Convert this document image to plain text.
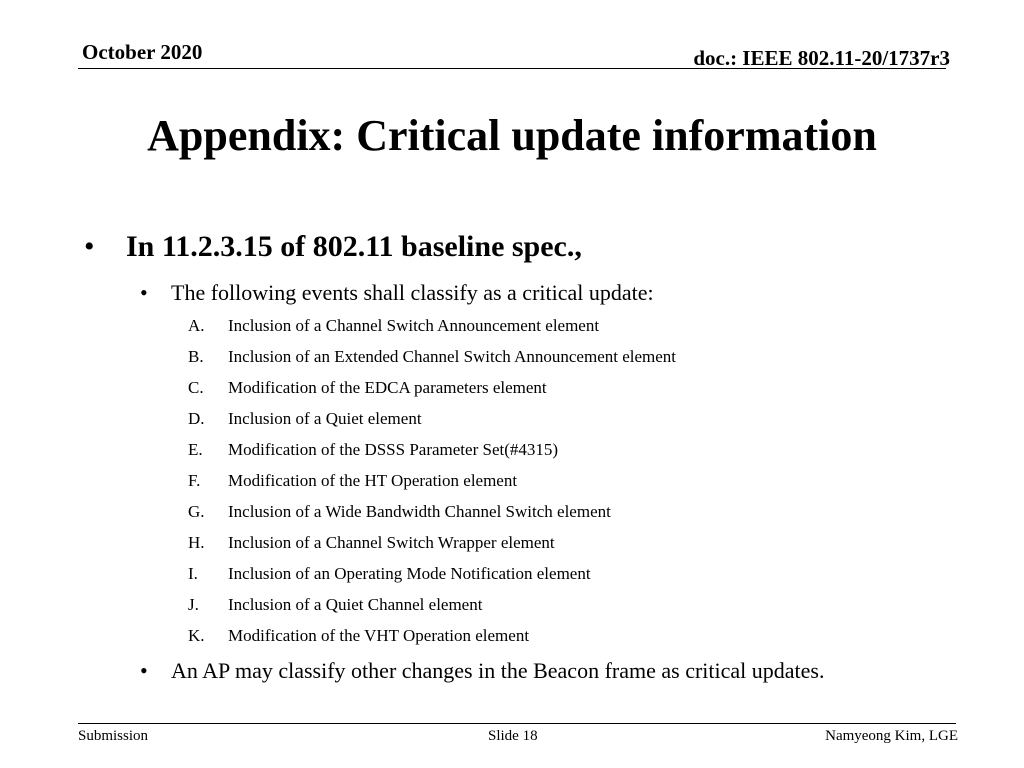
October 2020	doc.: IEEE 802.11-20/1737r3
Appendix: Critical update information
• In 11.2.3.15 of 802.11 baseline spec.,
• The following events shall classify as a critical update:
A. Inclusion of a Channel Switch Announcement element
B. Inclusion of an Extended Channel Switch Announcement element
C. Modification of the EDCA parameters element
D. Inclusion of a Quiet element
E. Modification of the DSSS Parameter Set(#4315)
F. Modification of the HT Operation element
G. Inclusion of a Wide Bandwidth Channel Switch element
H. Inclusion of a Channel Switch Wrapper element
I. Inclusion of an Operating Mode Notification element
J. Inclusion of a Quiet Channel element
K. Modification of the VHT Operation element
• An AP may classify other changes in the Beacon frame as critical updates.
Submission	Slide 18	Namyeong Kim, LGE
